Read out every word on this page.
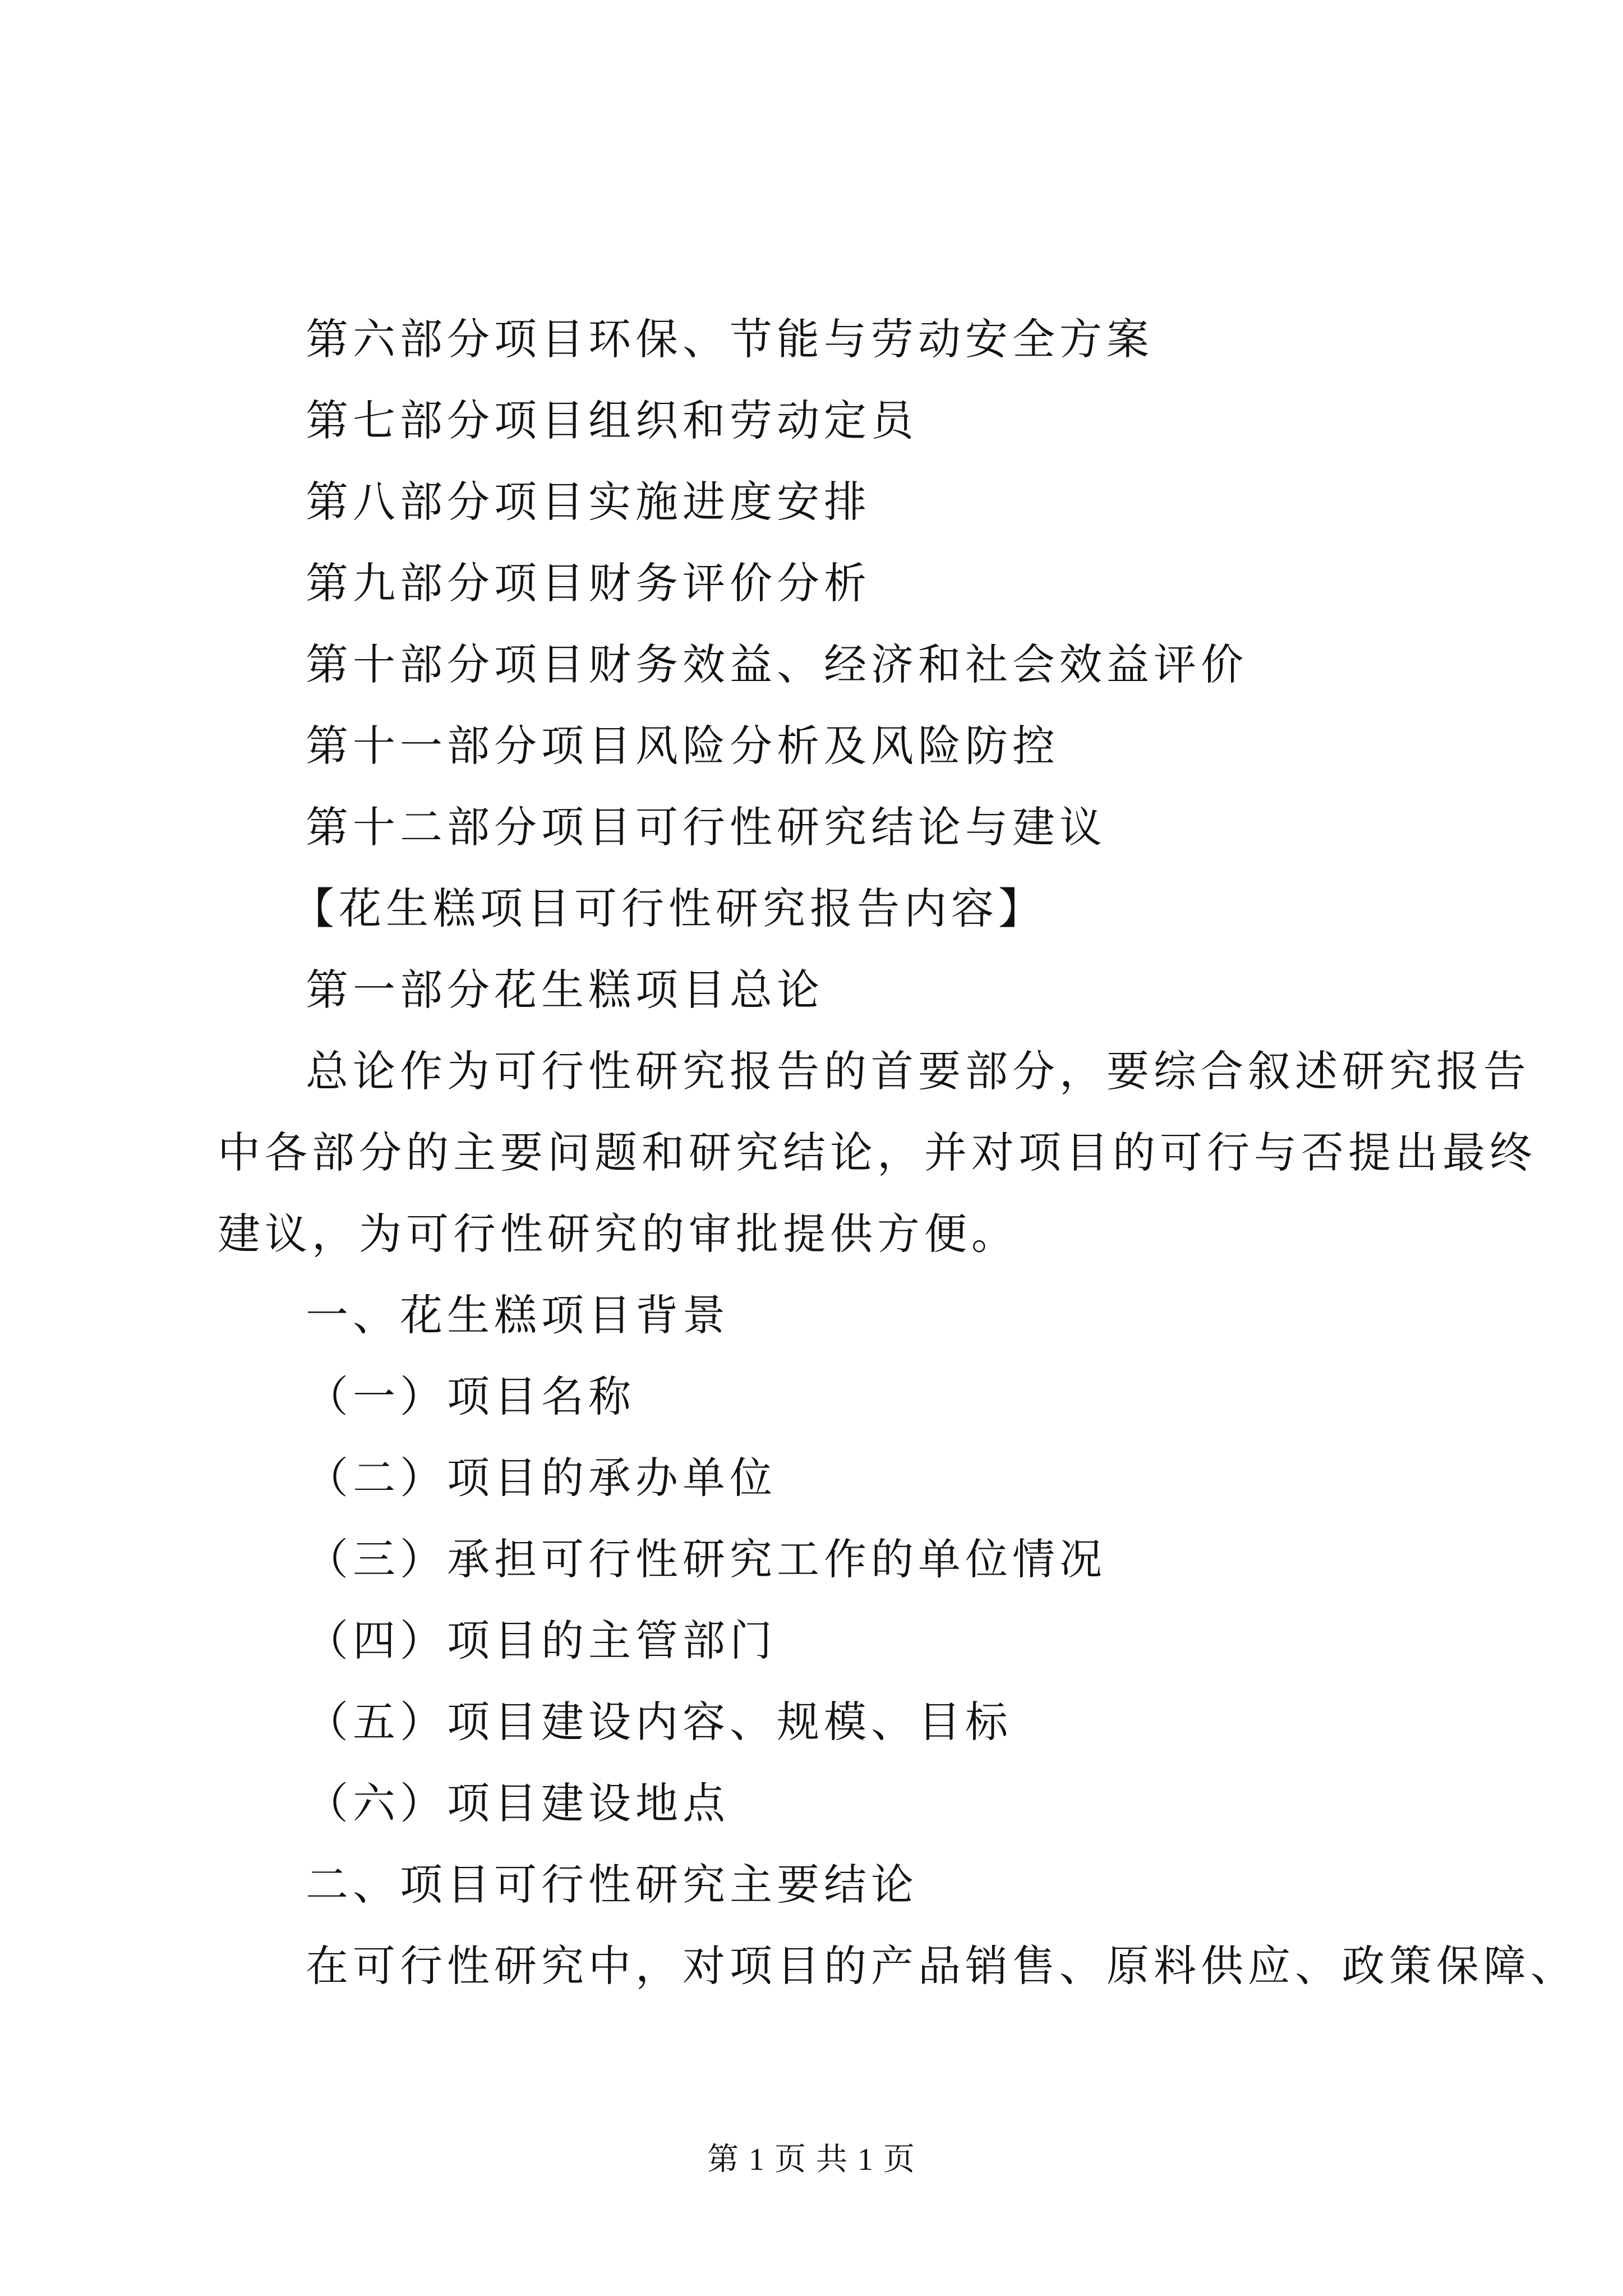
第六部分项目环保、节能与劳动安全方案
第七部分项目组织和劳动定员
第八部分项目实施进度安排
第九部分项目财务评价分析
第十部分项目财务效益、经济和社会效益评价
第十一部分项目风险分析及风险防控
第十二部分项目可行性研究结论与建议
【花生糕项目可行性研究报告内容】
第一部分花生糕项目总论
总论作为可行性研究报告的首要部分，要综合叙述研究报告
中各部分的主要问题和研究结论，并对项目的可行与否提出最终
建议，为可行性研究的审批提供方便。
一、花生糕项目背景
（一）项目名称
（二）项目的承办单位
（三）承担可行性研究工作的单位情况
（四）项目的主管部门
（五）项目建设内容、规模、目标
（六）项目建设地点
二、项目可行性研究主要结论
在可行性研究中，对项目的产品销售、原料供应、政策保障、
第 1 页 共 1 页
